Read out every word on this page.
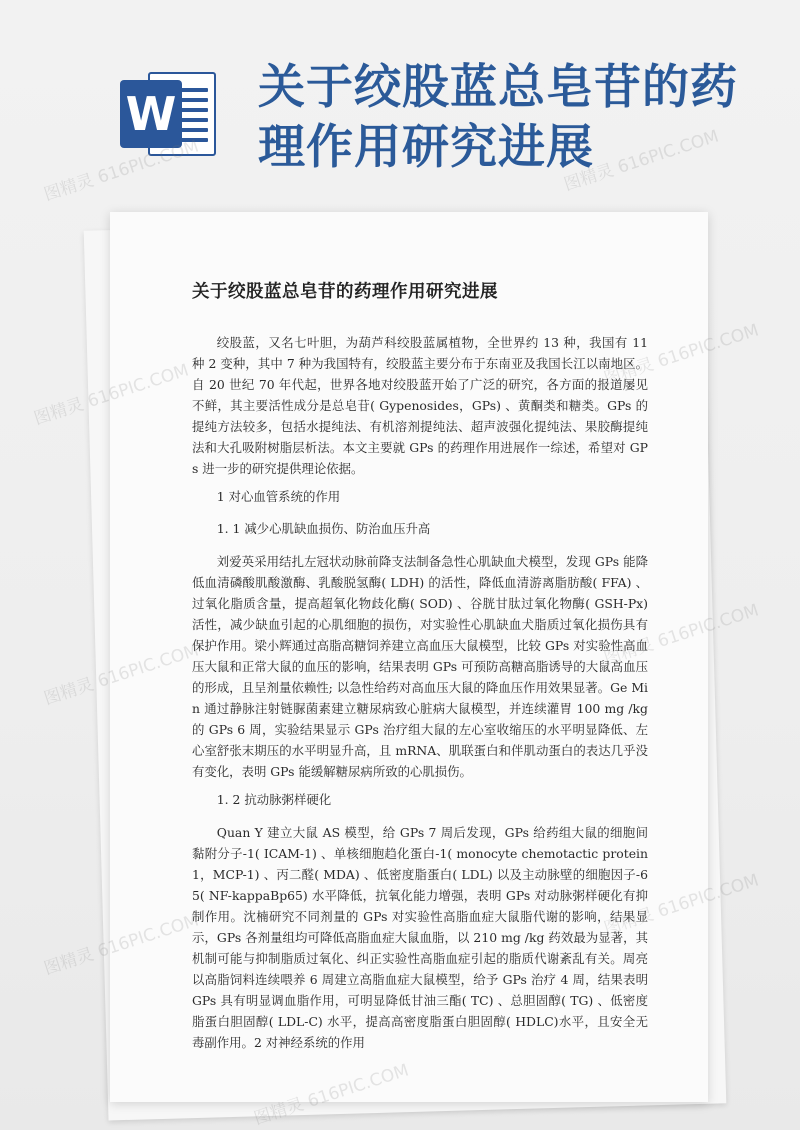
W 关于绞股蓝总皂苷的药理作用研究进展
关于绞股蓝总皂苷的药理作用研究进展

绞股蓝，又名七叶胆，为葫芦科绞股蓝属植物，全世界约 13 种，我国有 11 种 2 变种，其中 7 种为我国特有，绞股蓝主要分布于东南亚及我国长江以南地区。自 20 世纪 70 年代起，世界各地对绞股蓝开始了广泛的研究，各方面的报道屡见不鲜，其主要活性成分是总皂苷( Gypenosides，GPs) 、黄酮类和糖类。GPs 的提纯方法较多，包括水提纯法、有机溶剂提纯法、超声波强化提纯法、果胶酶提纯法和大孔吸附树脂层析法。本文主要就 GPs 的药理作用进展作一综述，希望对 GPs 进一步的研究提供理论依据。

1 对心血管系统的作用
1. 1 减少心肌缺血损伤、防治血压升高

刘爱英采用结扎左冠状动脉前降支法制备急性心肌缺血犬模型，发现 GPs 能降低血清磷酸肌酸激酶、乳酸脱氢酶( LDH) 的活性，降低血清游离脂肪酸( FFA) 、过氧化脂质含量，提高超氧化物歧化酶( SOD) 、谷胱甘肽过氧化物酶( GSH-Px) 活性，减少缺血引起的心肌细胞的损伤，对实验性心肌缺血犬脂质过氧化损伤具有保护作用。梁小辉通过高脂高糖饲养建立高血压大鼠模型，比较 GPs 对实验性高血压大鼠和正常大鼠的血压的影响，结果表明 GPs 可预防高糖高脂诱导的大鼠高血压的形成，且呈剂量依赖性; 以急性给药对高血压大鼠的降血压作用效果显著。Ge Min 通过静脉注射链脲菌素建立糖尿病致心脏病大鼠模型，并连续灌胃 100 mg /kg 的 GPs 6 周，实验结果显示 GPs 治疗组大鼠的左心室收缩压的水平明显降低、左心室舒张末期压的水平明显升高，且 mRNA、肌联蛋白和伴肌动蛋白的表达几乎没有变化，表明 GPs 能缓解糖尿病所致的心肌损伤。

1. 2 抗动脉粥样硬化

Quan Y 建立大鼠 AS 模型，给 GPs 7 周后发现，GPs 给药组大鼠的细胞间黏附分子-1( ICAM-1) 、单核细胞趋化蛋白-1( monocyte chemotactic protein 1，MCP-1) 、丙二醛( MDA) 、低密度脂蛋白( LDL) 以及主动脉壁的细胞因子-65( NF-kappaBp65) 水平降低，抗氧化能力增强，表明 GPs 对动脉粥样硬化有抑制作用。沈楠研究不同剂量的 GPs 对实验性高脂血症大鼠脂代谢的影响，结果显示，GPs 各剂量组均可降低高脂血症大鼠血脂，以 210 mg /kg 药效最为显著，其机制可能与抑制脂质过氧化、纠正实验性高脂血症引起的脂质代谢紊乱有关。周亮以高脂饲料连续喂养 6 周建立高脂血症大鼠模型，给予 GPs 治疗 4 周，结果表明 GPs 具有明显调血脂作用，可明显降低甘油三酯( TC) 、总胆固醇( TG) 、低密度脂蛋白胆固醇( LDL-C) 水平，提高高密度脂蛋白胆固醇( HDLC)水平，且安全无毒副作用。2 对神经系统的作用

图精灵 616PIC.COM
图精灵 616PIC.COM
616PIC.COM
图精灵
图精灵
图精灵
